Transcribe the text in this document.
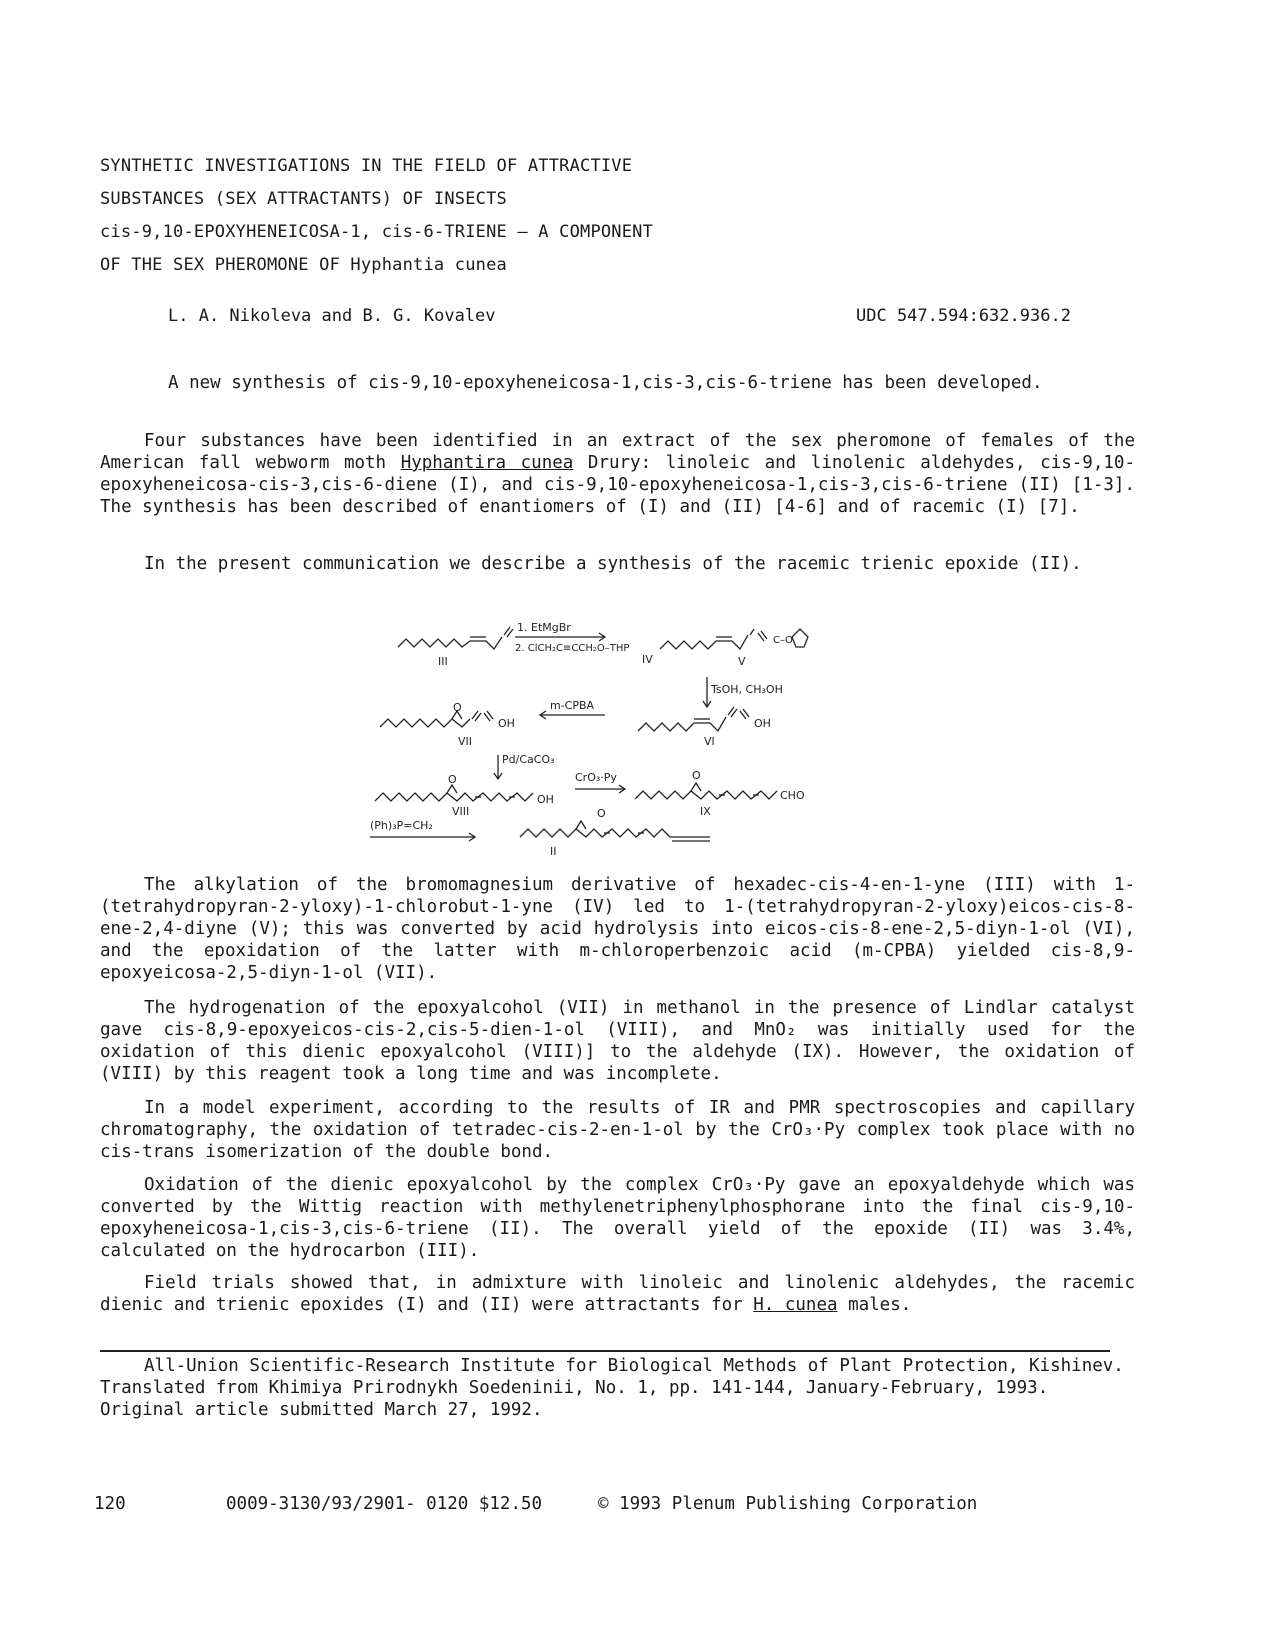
SYNTHETIC INVESTIGATIONS IN THE FIELD OF ATTRACTIVE
SUBSTANCES (SEX ATTRACTANTS) OF INSECTS
cis-9,10-EPOXYHENEICOSA-1, cis-6-TRIENE — A COMPONENT
OF THE SEX PHEROMONE OF Hyphantia cunea
L. A. Nikoleva and B. G. Kovalev	UDC 547.594:632.936.2
A new synthesis of cis-9,10-epoxyheneicosa-1,cis-3,cis-6-triene has been developed.

Four substances have been identified in an extract of the sex pheromone of females of the American fall webworm moth Hyphantira cunea Drury: linoleic and linolenic aldehydes, cis-9,10-epoxyheneicosa-cis-3,cis-6-diene (I), and cis-9,10-epoxyheneicosa-1,cis-3,cis-6-triene (II) [1-3]. The synthesis has been described of enantiomers of (I) and (II) [4-6] and of racemic (I) [7].

In the present communication we describe a synthesis of the racemic trienic epoxide (II).

1. EtMgBr
2. ClCH₂C≡CCH₂O–THP
III	IV
C–O
V
TsOH, CH₃OH
O
OH
m-CPBA
OH
VII	VI
Pd/CaCO₃
O
OH
VIII
CrO₃·Py	O
CHO
IX
(Ph)₃P=CH₂
O
II

The alkylation of the bromomagnesium derivative of hexadec-cis-4-en-1-yne (III) with 1-(tetrahydropyran-2-yloxy)-1-chlorobut-1-yne (IV) led to 1-(tetrahydropyran-2-yloxy)eicos-cis-8-ene-2,4-diyne (V); this was converted by acid hydrolysis into eicos-cis-8-ene-2,5-diyn-1-ol (VI), and the epoxidation of the latter with m-chloroperbenzoic acid (m-CPBA) yielded cis-8,9-epoxyeicosa-2,5-diyn-1-ol (VII).

The hydrogenation of the epoxyalcohol (VII) in methanol in the presence of Lindlar catalyst gave cis-8,9-epoxyeicos-cis-2,cis-5-dien-1-ol (VIII), and MnO₂ was initially used for the oxidation of this dienic epoxyalcohol (VIII)] to the aldehyde (IX). However, the oxidation of (VIII) by this reagent took a long time and was incomplete.

In a model experiment, according to the results of IR and PMR spectroscopies and capillary chromatography, the oxidation of tetradec-cis-2-en-1-ol by the CrO₃·Py complex took place with no cis-trans isomerization of the double bond.

Oxidation of the dienic epoxyalcohol by the complex CrO₃·Py gave an epoxyaldehyde which was converted by the Wittig reaction with methylenetriphenylphosphorane into the final cis-9,10-epoxyheneicosa-1,cis-3,cis-6-triene (II). The overall yield of the epoxide (II) was 3.4%, calculated on the hydrocarbon (III).

Field trials showed that, in admixture with linoleic and linolenic aldehydes, the racemic dienic and trienic epoxides (I) and (II) were attractants for H. cunea males.

All-Union Scientific-Research Institute for Biological Methods of Plant Protection, Kishinev. Translated from Khimiya Prirodnykh Soedeninii, No. 1, pp. 141-144, January-February, 1993. Original article submitted March 27, 1992.

120	0009-3130/93/2901- 0120 $12.50	© 1993 Plenum Publishing Corporation
